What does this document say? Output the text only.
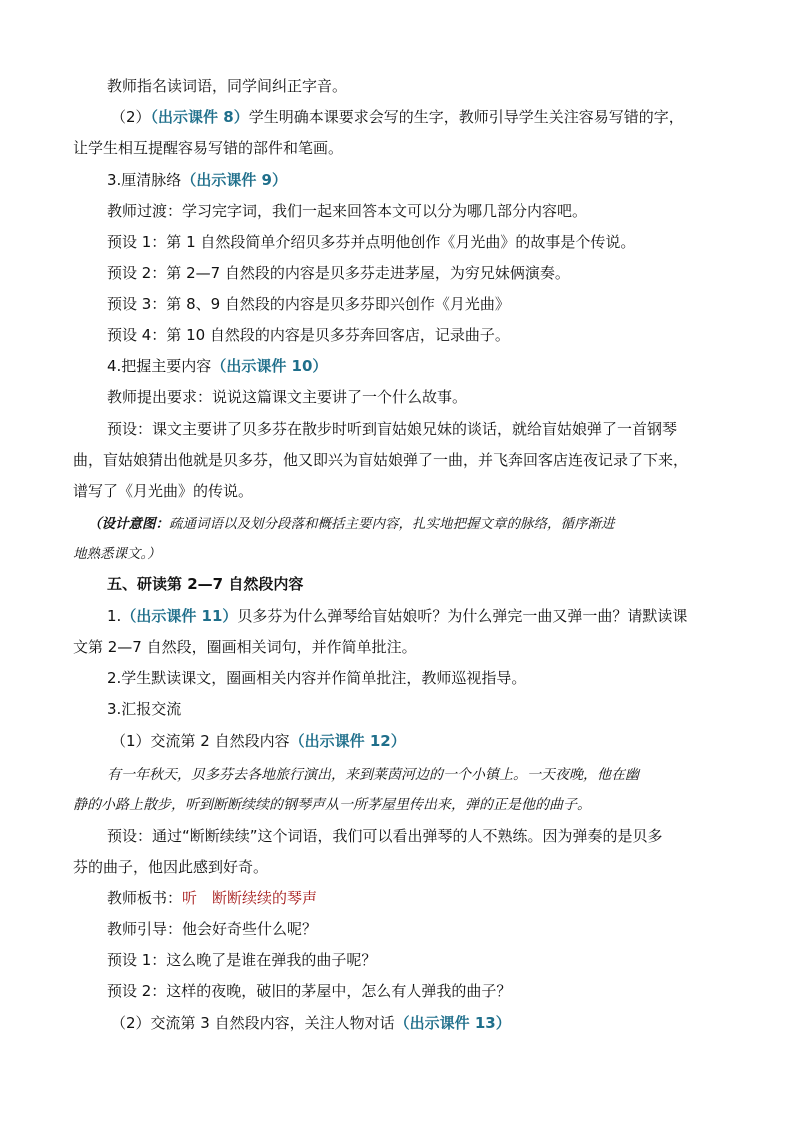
教师指名读词语，同学间纠正字音。
（2）（出示课件 8）学生明确本课要求会写的生字，教师引导学生关注容易写错的字，
让学生相互提醒容易写错的部件和笔画。
3.厘清脉络（出示课件 9）
教师过渡：学习完字词，我们一起来回答本文可以分为哪几部分内容吧。
预设 1：第 1 自然段简单介绍贝多芬并点明他创作《月光曲》的故事是个传说。
预设 2：第 2—7 自然段的内容是贝多芬走进茅屋，为穷兄妹俩演奏。
预设 3：第 8、9 自然段的内容是贝多芬即兴创作《月光曲》
预设 4：第 10 自然段的内容是贝多芬奔回客店，记录曲子。
4.把握主要内容（出示课件 10）
教师提出要求：说说这篇课文主要讲了一个什么故事。
预设：课文主要讲了贝多芬在散步时听到盲姑娘兄妹的谈话，就给盲姑娘弹了一首钢琴
曲，盲姑娘猜出他就是贝多芬，他又即兴为盲姑娘弹了一曲，并飞奔回客店连夜记录了下来，
谱写了《月光曲》的传说。
（设计意图：疏通词语以及划分段落和概括主要内容，扎实地把握文章的脉络，循序渐进
地熟悉课文。）
五、研读第 2—7 自然段内容
1.（出示课件 11）贝多芬为什么弹琴给盲姑娘听？为什么弹完一曲又弹一曲？请默读课
文第 2—7 自然段，圈画相关词句，并作简单批注。
2.学生默读课文，圈画相关内容并作简单批注，教师巡视指导。
3.汇报交流
（1）交流第 2 自然段内容（出示课件 12）
有一年秋天，贝多芬去各地旅行演出，来到莱茵河边的一个小镇上。一天夜晚，他在幽
静的小路上散步，听到断断续续的钢琴声从一所茅屋里传出来，弹的正是他的曲子。
预设：通过“断断续续”这个词语，我们可以看出弹琴的人不熟练。因为弹奏的是贝多
芬的曲子，他因此感到好奇。
教师板书：听　断断续续的琴声
教师引导：他会好奇些什么呢？
预设 1：这么晚了是谁在弹我的曲子呢？
预设 2：这样的夜晚，破旧的茅屋中，怎么有人弹我的曲子？
（2）交流第 3 自然段内容，关注人物对话（出示课件 13）
